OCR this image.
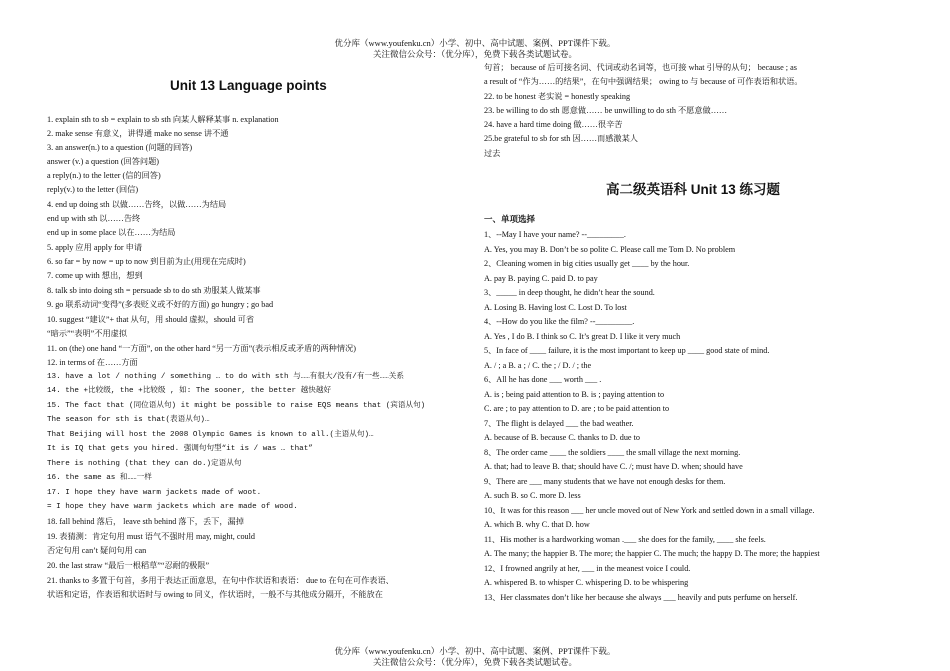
优分库（www.youfenku.cn）小学、初中、高中试题、案例、PPT课件下载。
关注微信公众号：（优分库），免费下载各类试题试卷。
Unit 13 Language points
1. explain sth to sb = explain to sb sth 向某人解释某事 n. explanation
2. make sense 有意义，讲得通 make no sense 讲不通
3. an answer(n.) to a question (问题的回答)
answer (v.) a question (回答问题)
a reply(n.) to the letter (信的回答)
reply(v.) to the letter (回信)
4. end up doing sth 以做……告终，以做……为结局
end up with sth 以……告终
end up in some place 以在……为结局
5. apply 应用 apply for 申请
6. so far = by now = up to now 到目前为止(用现在完成时)
7. come up with 想出，想到
8. talk sb into doing sth = persuade sb to do sth 劝服某人做某事
9. go 联系动词“变得”(多表贬义或不好的方面) go hungry ; go bad
10. suggest “建议”+ that 从句，用 should 虚拟，should 可省
“暗示”“表明”不用虚拟
11. on (the) one hand “一方面”, on the other hard “另一方面”(表示相反或矛盾的两种情况)
12. in terms of 在……方面
13. have a lot / nothing / something … to do with sth 与……有很大/没有/有一些……关系
14. the +比较级, the +比较级 , 如: The sooner, the better 越快越好
15. The fact that (同位语从句) it might be possible to raise EQS means that (宾语从句)
The season for sth is that(表语从句)…
That Beijing will host the 2008 Olympic Games is known to all.(主语从句)…
It is IQ that gets you hired. 强调句句型“it is / was … that”
There is nothing (that they can do.)定语从句
16. the same as 和……一样
17. I hope they have warm jackets made of woot.
= I hope they have warm jackets which are made of wood.
18. fall behind 落后， leave sth behind 落下，丢下，漏掉
19. 表猜测：肯定句用 must 语气不强时用 may, might, could
否定句用 can’t 疑问句用 can
20. the last straw “最后一根稻草”“忍耐的极限”
21. thanks to 多置于句首，多用于表达正面意思，在句中作状语和表语： due to 在句在可作表语、
状语和定语，作表语和状语时与 owing to 同义，作状语时，一般不与其他成分隔开，不能放在
句首； because of 后可接名词、代词或动名词等，也可接 what 引导的从句； because ; as
a result of “作为……的结果”，在句中强调结果； owing to 与 because of 可作表语和状语。
22. to be honest 老实说 = honestly speaking
23. be willing to do sth 愿意做…… be unwilling to do sth 不愿意做……
24. have a hard time doing 做……很辛苦
25.be grateful to sb for sth 因……而感激某人
过去
高二级英语科 Unit 13 练习题
一、单项选择
1、--May I have your name? --_________.
A. Yes, you may B. Don’t be so polite C. Please call me Tom D. No problem
2、Cleaning women in big cities usually get ____ by the hour.
A. pay B. paying C. paid D. to pay
3、_____ in deep thought, he didn’t hear the sound.
A. Losing B. Having lost C. Lost D. To lost
4、--How do you like the film? --_________.
A. Yes , I do B. I think so C. It’s great D. I like it very much
5、In face of ____ failure, it is the most important to keep up ____ good state of mind.
A. / ; a B. a ; / C. the ; / D. / ; the
6、All he has done ___ worth ___ .
A. is ; being paid attention to B. is ; paying attention to
C. are ; to pay attention to D. are ; to be paid attention to
7、The flight is delayed ___ the bad weather.
A. because of B. because C. thanks to D. due to
8、The order came ____ the soldiers ____ the small village the next morning.
A. that; had to leave B. that; should have C. /; must have D. when; should have
9、There are ___ many students that we have not enough desks for them.
A. such B. so C. more D. less
10、It was for this reason ___ her uncle moved out of New York and settled down in a small village.
A. which B. why C. that D. how
11、His mother is a hardworking woman .___ she does for the family, ____ she feels.
A. The many; the happier B. The more; the happier C. The much; the happy D. The more; the happiest
12、I frowned angrily at her, ___ in the meanest voice I could.
A. whispered B. to whisper C. whispering D. to be whispering
13、Her classmates don’t like her because she always ___ heavily and puts perfume on herself.
优分库（www.youfenku.cn）小学、初中、高中试题、案例、PPT课件下载。
关注微信公众号：（优分库），免费下载各类试题试卷。
